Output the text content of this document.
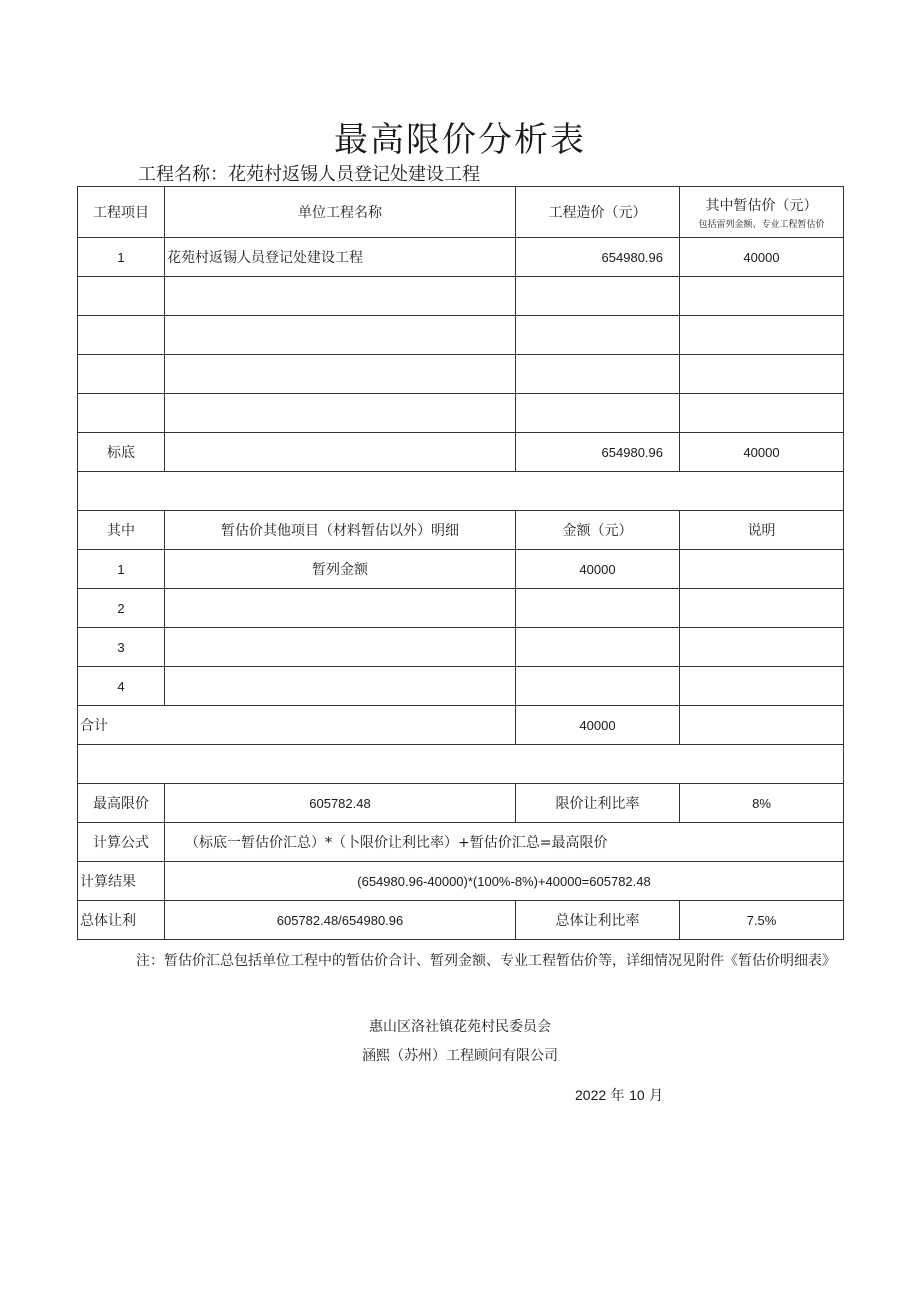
最高限价分析表
工程名称：花苑村返锡人员登记处建设工程
工程项目	单位工程名称	工程造价（元）	其中暂估价（元）
包括雷列金额、专业工程暂估价

1	花苑村返锡人员登记处建设工程	654980.96	40000

标底		654980.96	40000

其中	暂估价其他项目（材料暂估以外）明细	金额（元）	说明
1	暂列金额	40000	
2			
3			
4			
合计		40000	

最高限价	605782.48	限价让利比率	8%
计算公式	（标底一暂估价汇总）*（卜限价让利比率）+暂估价汇总=最高限价		
计算结果	(654980.96-40000)*(100%-8%)+40000=605782.48		
总体让利	605782.48/654980.96	总体让利比率	7.5%
注：暂估价汇总包括单位工程中的暂估价合计、暂列金额、专业工程暂估价等，详细情况见附件《暂估价明细表》
惠山区洛社镇花苑村民委员会
涵熙（苏州）工程顾问有限公司
2022 年 10 月
